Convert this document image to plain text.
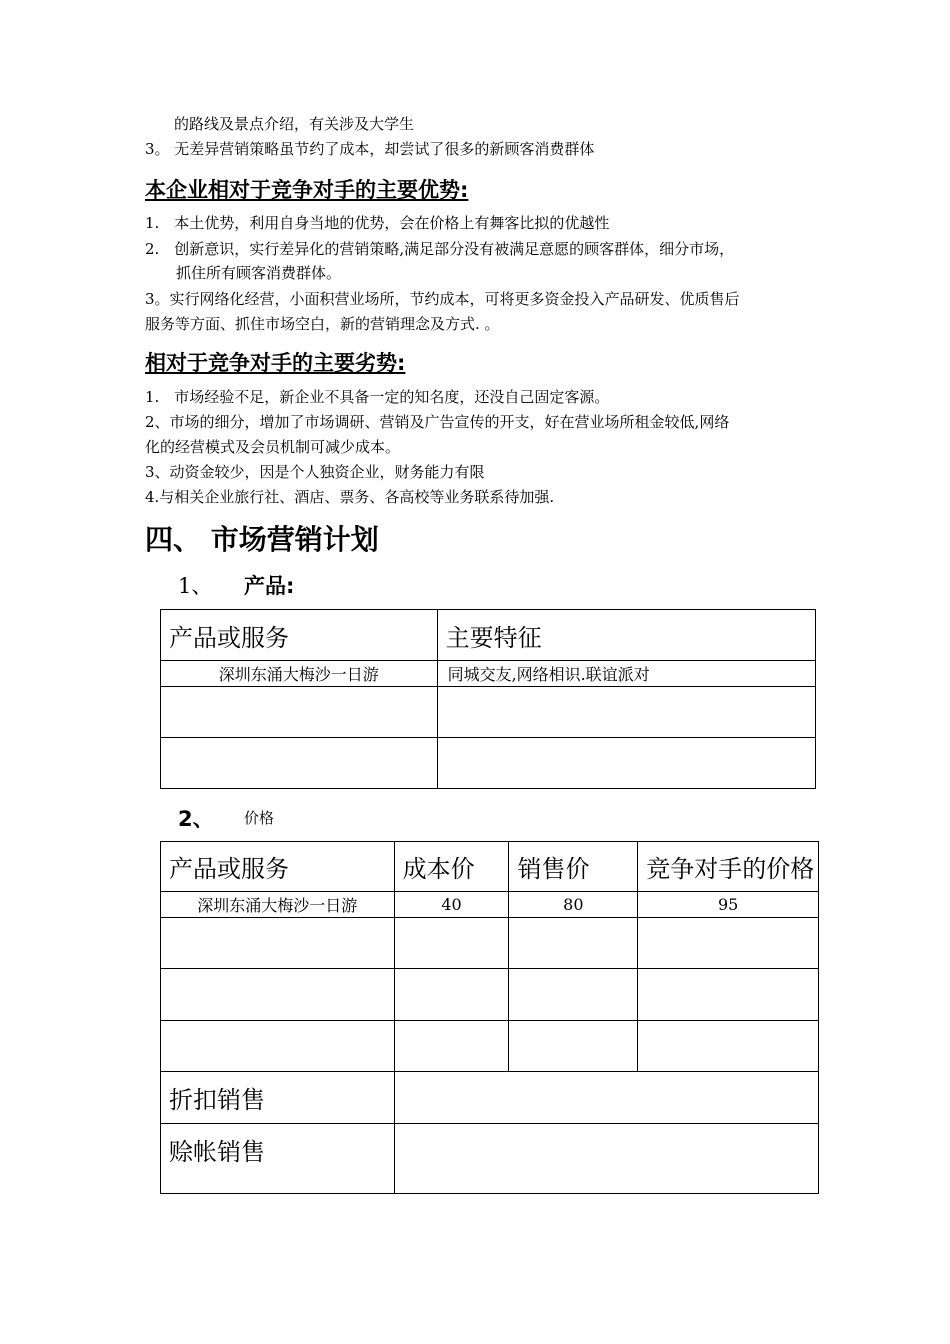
的路线及景点介绍，有关涉及大学生
3。 无差异营销策略虽节约了成本，却尝试了很多的新顾客消费群体
本企业相对于竞争对手的主要优势:
1.　本土优势，利用自身当地的优势，会在价格上有舞客比拟的优越性
2.　创新意识，实行差异化的营销策略,满足部分没有被满足意愿的顾客群体，细分市场，
抓住所有顾客消费群体。
3。实行网络化经营，小面积营业场所，节约成本，可将更多资金投入产品研发、优质售后
服务等方面、抓住市场空白，新的营销理念及方式. 。
相对于竞争对手的主要劣势:
1.　市场经验不足，新企业不具备一定的知名度，还没自己固定客源。
2、市场的细分，增加了市场调研、营销及广告宣传的开支，好在营业场所租金较低,网络
化的经营模式及会员机制可减少成本。
3、动资金较少，因是个人独资企业，财务能力有限
4.与相关企业旅行社、酒店、票务、各高校等业务联系待加强.
四、 市场营销计划
1、 产品:
产品或服务	主要特征
深圳东涌大梅沙一日游	同城交友,网络相识.联谊派对

2、 价格
产品或服务	成本价	销售价	竞争对手的价格
深圳东涌大梅沙一日游	40	80	95

折扣销售			
赊帐销售			
